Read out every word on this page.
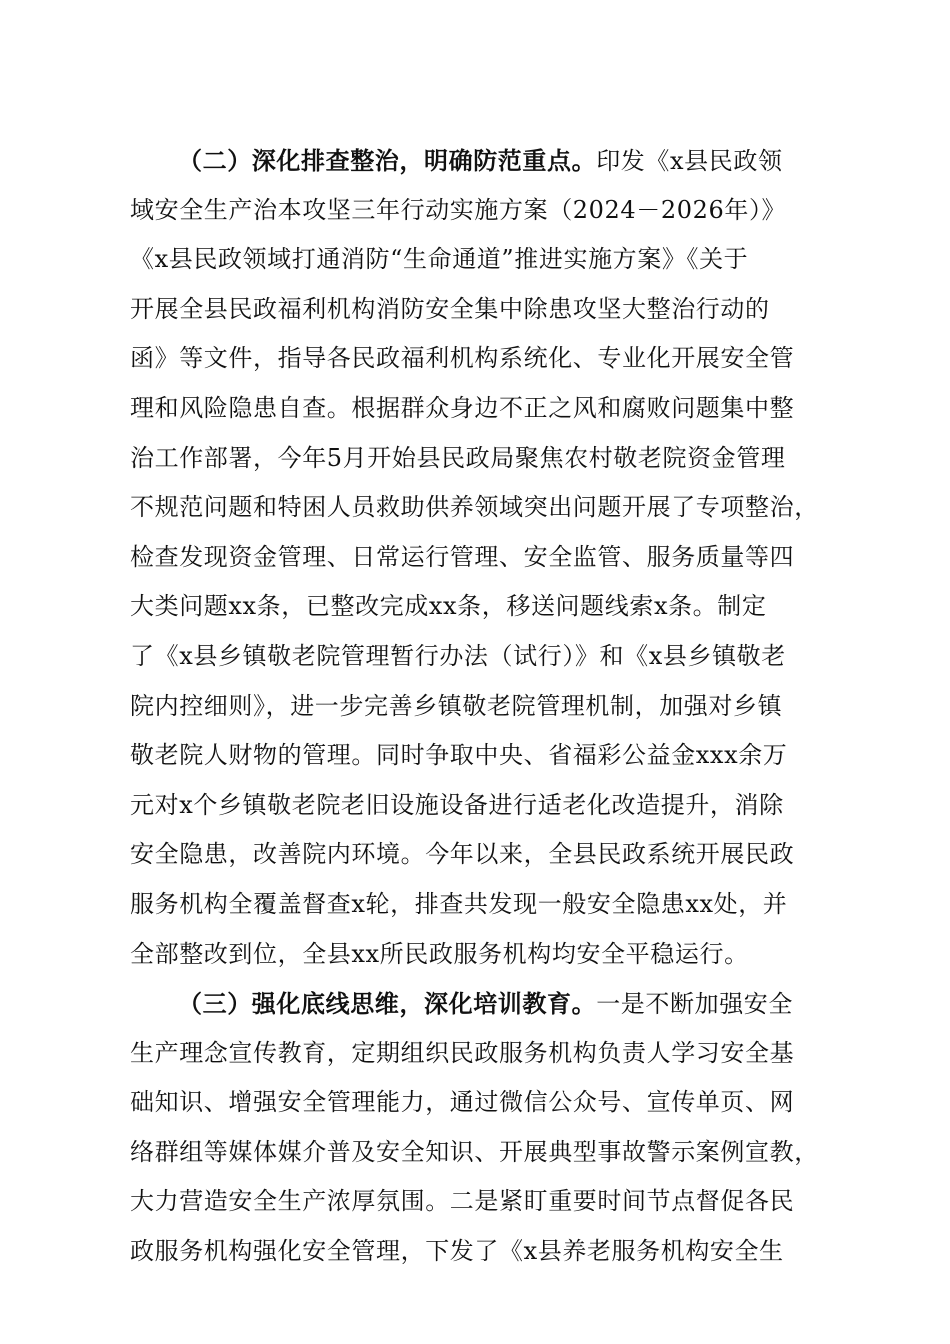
（二）深化排查整治，明确防范重点。印发《x县民政领
域安全生产治本攻坚三年行动实施方案（2024－2026年）》
《x县民政领域打通消防“生命通道”推进实施方案》《关于
开展全县民政福利机构消防安全集中除患攻坚大整治行动的
函》等文件，指导各民政福利机构系统化、专业化开展安全管
理和风险隐患自查。根据群众身边不正之风和腐败问题集中整
治工作部署，今年5月开始县民政局聚焦农村敬老院资金管理
不规范问题和特困人员救助供养领域突出问题开展了专项整治，
检查发现资金管理、日常运行管理、安全监管、服务质量等四
大类问题xx条，已整改完成xx条，移送问题线索x条。制定
了《x县乡镇敬老院管理暂行办法（试行）》和《x县乡镇敬老
院内控细则》，进一步完善乡镇敬老院管理机制，加强对乡镇
敬老院人财物的管理。同时争取中央、省福彩公益金xxx余万
元对x个乡镇敬老院老旧设施设备进行适老化改造提升，消除
安全隐患，改善院内环境。今年以来，全县民政系统开展民政
服务机构全覆盖督查x轮，排查共发现一般安全隐患xx处，并
全部整改到位，全县xx所民政服务机构均安全平稳运行。
（三）强化底线思维，深化培训教育。一是不断加强安全
生产理念宣传教育，定期组织民政服务机构负责人学习安全基
础知识、增强安全管理能力，通过微信公众号、宣传单页、网
络群组等媒体媒介普及安全知识、开展典型事故警示案例宣教，
大力营造安全生产浓厚氛围。二是紧盯重要时间节点督促各民
政服务机构强化安全管理，下发了《x县养老服务机构安全生
